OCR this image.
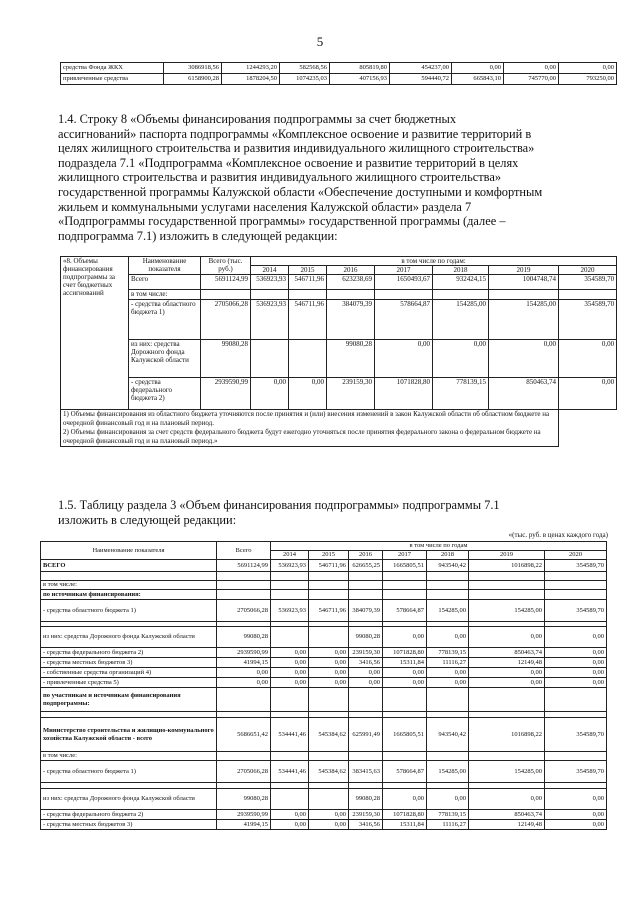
5
средства Фонда ЖКХ	3086918,56	1244293,20	582568,56	805819,80	454237,00	0,00	0,00	0,00
привлеченные средства	6158900,28	1878204,50	1074235,03	407156,93	594440,72	665843,10	745770,00	793250,00
1.4. Строку 8 «Объемы финансирования подпрограммы за счет бюджетных
ассигнований» паспорта подпрограммы «Комплексное освоение и развитие территорий в
целях жилищного строительства и развития индивидуального жилищного строительства»
подраздела 7.1 «Подпрограмма «Комплексное освоение и развитие территорий в целях
жилищного строительства и развития индивидуального жилищного строительства»
государственной программы Калужской области «Обеспечение доступными и комфортным
жильем и коммунальными услугами населения Калужской области» раздела 7
«Подпрограммы государственной программы» государственной программы (далее –
подпрограмма 7.1) изложить в следующей редакции:
«8. Объемы финансирования подпрограммы за счет бюджетных ассигнований	Наименование показателя	Всего (тыс. руб.)	в том числе по годам:						
			2014	2015	2016	2017	2018	2019	2020
	Всего	5691124,99	536923,93	546711,96	623238,69	1650493,67	932424,15	1004748,74	354589,70
	в том числе:								
	- средства областного бюджета 1)	2705066,28	536923,93	546711,96	384079,39	578664,87	154285,00	154285,00	354589,70
	из них: средства Дорожного фонда Калужской области	99080,28			99080,28	0,00	0,00	0,00	0,00
	- средства федерального бюджета 2)	2939590,99	0,00	0,00	239159,30	1071828,80	778139,15	850463,74	0,00

1) Объемы финансирования из областного бюджета уточняются после принятия и (или) внесения изменений в закон Калужской области об областном бюджете на очередной финансовый год и на плановый период.
2) Объемы финансирования за счет средств федерального бюджета будут ежегодно уточняться после принятия федерального закона о федеральном бюджете на очередной финансовый год и на плановый период.»									
1.5. Таблицу раздела 3 «Объем финансирования подпрограммы» подпрограммы 7.1
изложить в следующей редакции:
«(тыс. руб. в ценах каждого года)
Наименование показателя	Всего	в том числе по годам						
		2014	2015	2016	2017	2018	2019	2020
ВСЕГО	5691124,99	536923,93	546711,96	626655,25	1665805,51	943540,42	1016898,22	354589,70

в том числе:								
по источникам финансирования:								
- средства областного бюджета 1)	2705066,28	536923,93	546711,96	384079,39	578664,87	154285,00	154285,00	354589,70

из них: средства Дорожного фонда Калужской области	99080,28			99080,28	0,00	0,00	0,00	0,00
- средства федерального бюджета 2)	2939590,99	0,00	0,00	239159,30	1071828,80	778139,15	850463,74	0,00
- средства местных бюджетов 3)	41994,15	0,00	0,00	3416,56	15311,84	11116,27	12149,48	0,00
- собственные средства организаций 4)	0,00	0,00	0,00	0,00	0,00	0,00	0,00	0,00
- привлеченные средства 5)	0,00	0,00	0,00	0,00	0,00	0,00	0,00	0,00
по участникам и источникам финансирования подпрограммы:								

Министерство строительства и жилищно-коммунального хозяйства Калужской области - всего	5686651,42	534441,46	545384,62	625991,49	1665805,51	943540,42	1016898,22	354589,70
в том числе:								
- средства областного бюджета 1)	2705066,28	534441,46	545384,62	383415,63	578664,87	154285,00	154285,00	354589,70

из них: средства Дорожного фонда Калужской области	99080,28			99080,28	0,00	0,00	0,00	0,00
- средства федерального бюджета 2)	2939590,99	0,00	0,00	239159,30	1071828,80	778139,15	850463,74	0,00
- средства местных бюджетов 3)	41994,15	0,00	0,00	3416,56	15311,84	11116,27	12149,48	0,00
